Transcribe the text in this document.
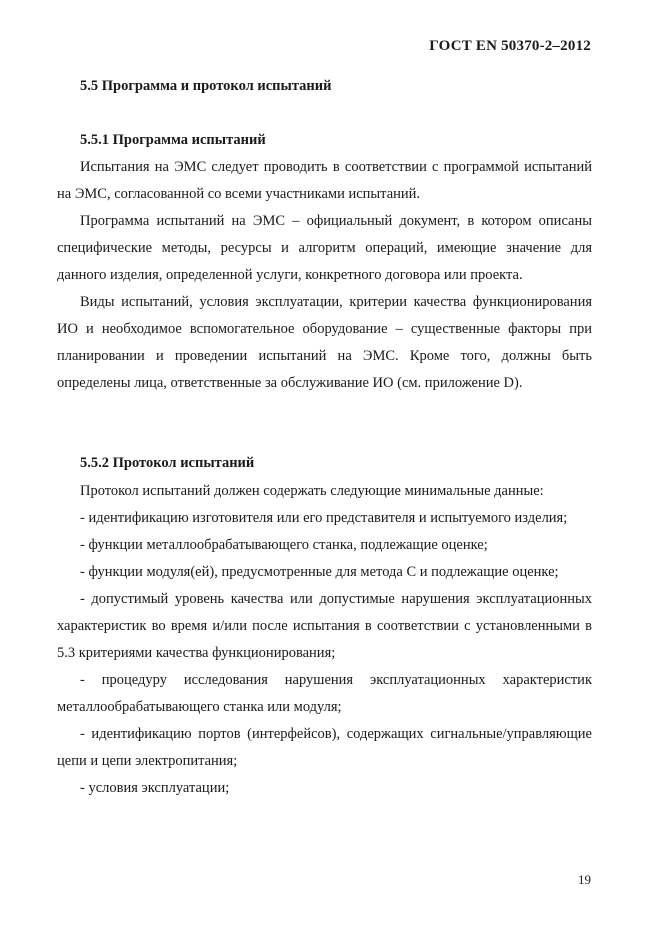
ГОСТ EN 50370-2–2012
5.5 Программа и протокол испытаний
5.5.1 Программа испытаний

Испытания на ЭМС следует проводить в соответствии с программой испытаний на ЭМС, согласованной со всеми участниками испытаний.

Программа испытаний на ЭМС – официальный документ, в котором описаны специфические методы, ресурсы и алгоритм операций, имеющие значение для данного изделия, определенной услуги, конкретного договора или проекта.

Виды испытаний, условия эксплуатации, критерии качества функционирования ИО и необходимое вспомогательное оборудование – существенные факторы при планировании и проведении испытаний на ЭМС. Кроме того, должны быть определены лица, ответственные за обслуживание ИО (см. приложение D).

5.5.2 Протокол испытаний

Протокол испытаний должен содержать следующие минимальные данные:

- идентификацию изготовителя или его представителя и испытуемого изделия;

- функции металлообрабатывающего станка, подлежащие оценке;

- функции модуля(ей), предусмотренные для метода С и подлежащие оценке;

- допустимый уровень качества или допустимые нарушения эксплуатационных характеристик во время и/или после испытания в соответствии с установленными в 5.3 критериями качества функционирования;

- процедуру исследования нарушения эксплуатационных характеристик металлообрабатывающего станка или модуля;

- идентификацию портов (интерфейсов), содержащих сигнальные/управляющие цепи и цепи электропитания;

- условия эксплуатации;

19
